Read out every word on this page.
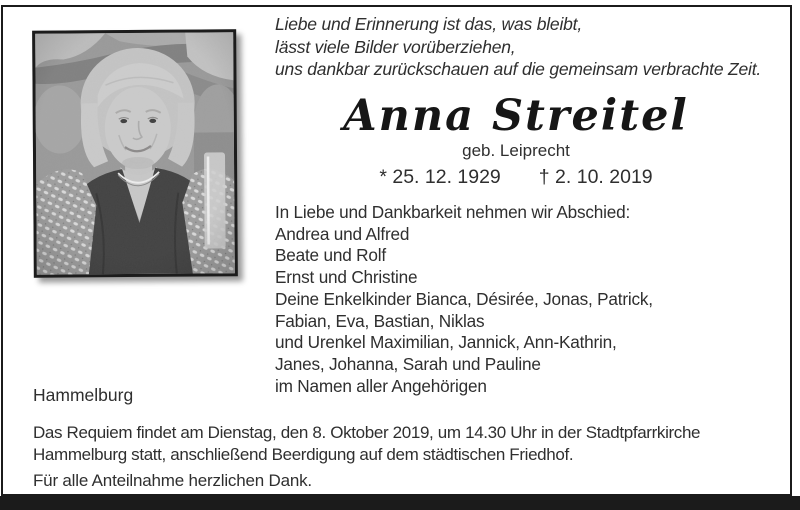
Liebe und Erinnerung ist das, was bleibt,
lässt viele Bilder vorüberziehen,
uns dankbar zurückschauen auf die gemeinsam verbrachte Zeit.
Anna Streitel
geb. Leiprecht
* 25. 12. 1929 † 2. 10. 2019
In Liebe und Dankbarkeit nehmen wir Abschied:
Andrea und Alfred
Beate und Rolf
Ernst und Christine
Deine Enkelkinder Bianca, Désirée, Jonas, Patrick,
Fabian, Eva, Bastian, Niklas
und Urenkel Maximilian, Jannick, Ann-Kathrin,
Janes, Johanna, Sarah und Pauline
im Namen aller Angehörigen
Hammelburg
Das Requiem findet am Dienstag, den 8. Oktober 2019, um 14.30 Uhr in der Stadtpfarrkirche
Hammelburg statt, anschließend Beerdigung auf dem städtischen Friedhof.
Für alle Anteilnahme herzlichen Dank.
